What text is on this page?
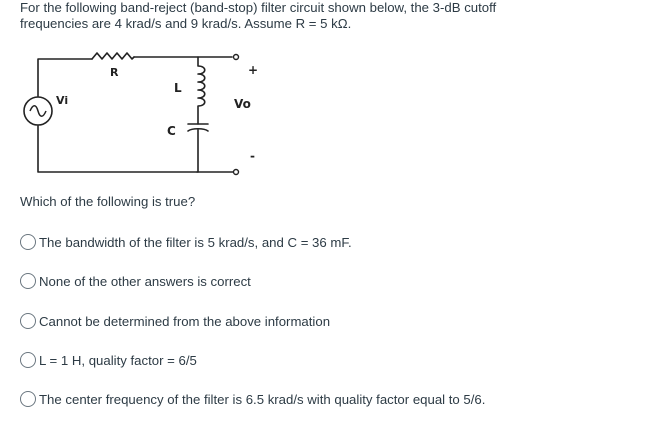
For the following band-reject (band-stop) filter circuit shown below, the 3-dB cutoff
frequencies are 4 krad/s and 9 krad/s. Assume R = 5 kΩ.
R
L
C
Vi	Vo
+
-
Which of the following is true?
The bandwidth of the filter is 5 krad/s, and C = 36 mF.
None of the other answers is correct
Cannot be determined from the above information
L = 1 H, quality factor = 6/5
The center frequency of the filter is 6.5 krad/s with quality factor equal to 5/6.
